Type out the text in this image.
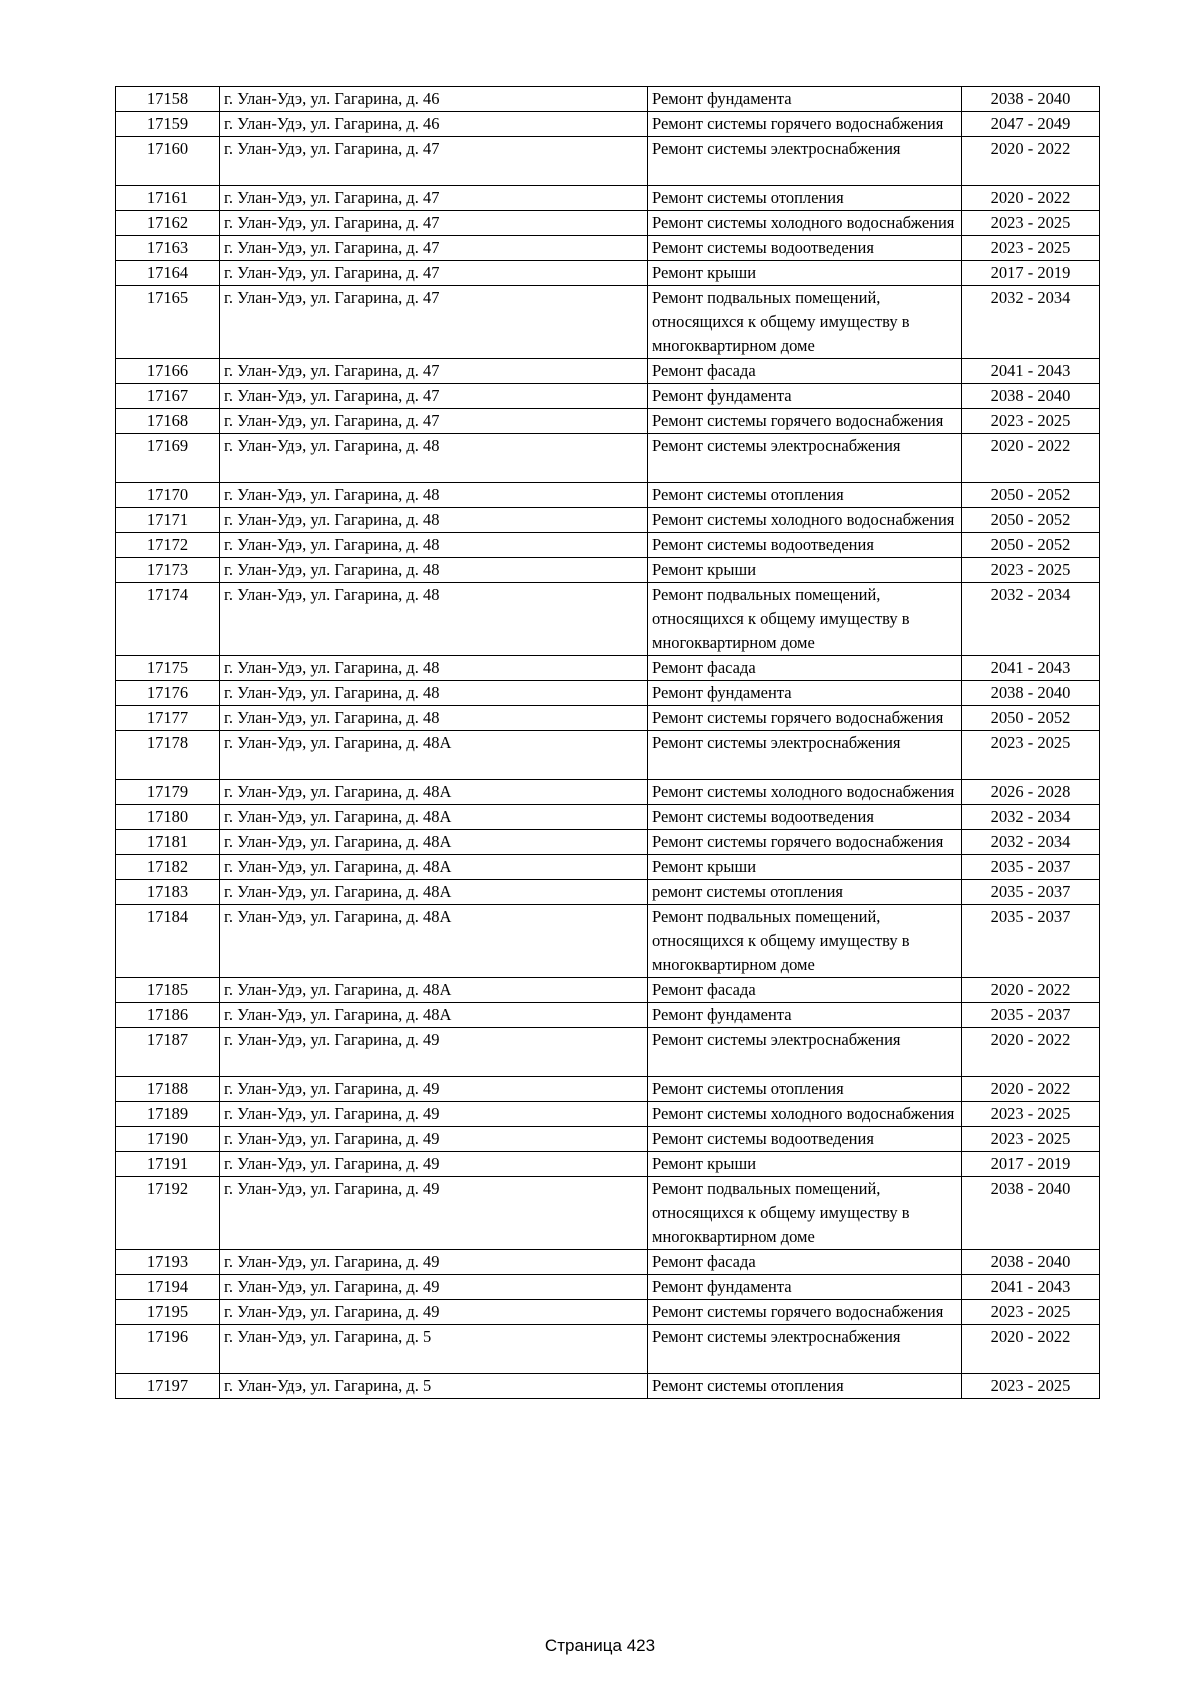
17158	г. Улан-Удэ, ул. Гагарина, д. 46	Ремонт фундамента	2038 - 2040
17159	г. Улан-Удэ, ул. Гагарина, д. 46	Ремонт системы горячего водоснабжения	2047 - 2049
17160	г. Улан-Удэ, ул. Гагарина, д. 47	Ремонт системы электроснабжения	2020 - 2022
17161	г. Улан-Удэ, ул. Гагарина, д. 47	Ремонт системы отопления	2020 - 2022
17162	г. Улан-Удэ, ул. Гагарина, д. 47	Ремонт системы холодного водоснабжения	2023 - 2025
17163	г. Улан-Удэ, ул. Гагарина, д. 47	Ремонт системы водоотведения	2023 - 2025
17164	г. Улан-Удэ, ул. Гагарина, д. 47	Ремонт крыши	2017 - 2019
17165	г. Улан-Удэ, ул. Гагарина, д. 47	Ремонт подвальных помещений, относящихся к общему имуществу в многоквартирном доме	2032 - 2034
17166	г. Улан-Удэ, ул. Гагарина, д. 47	Ремонт фасада	2041 - 2043
17167	г. Улан-Удэ, ул. Гагарина, д. 47	Ремонт фундамента	2038 - 2040
17168	г. Улан-Удэ, ул. Гагарина, д. 47	Ремонт системы горячего водоснабжения	2023 - 2025
17169	г. Улан-Удэ, ул. Гагарина, д. 48	Ремонт системы электроснабжения	2020 - 2022
17170	г. Улан-Удэ, ул. Гагарина, д. 48	Ремонт системы отопления	2050 - 2052
17171	г. Улан-Удэ, ул. Гагарина, д. 48	Ремонт системы холодного водоснабжения	2050 - 2052
17172	г. Улан-Удэ, ул. Гагарина, д. 48	Ремонт системы водоотведения	2050 - 2052
17173	г. Улан-Удэ, ул. Гагарина, д. 48	Ремонт крыши	2023 - 2025
17174	г. Улан-Удэ, ул. Гагарина, д. 48	Ремонт подвальных помещений, относящихся к общему имуществу в многоквартирном доме	2032 - 2034
17175	г. Улан-Удэ, ул. Гагарина, д. 48	Ремонт фасада	2041 - 2043
17176	г. Улан-Удэ, ул. Гагарина, д. 48	Ремонт фундамента	2038 - 2040
17177	г. Улан-Удэ, ул. Гагарина, д. 48	Ремонт системы горячего водоснабжения	2050 - 2052
17178	г. Улан-Удэ, ул. Гагарина, д. 48А	Ремонт системы электроснабжения	2023 - 2025
17179	г. Улан-Удэ, ул. Гагарина, д. 48А	Ремонт системы холодного водоснабжения	2026 - 2028
17180	г. Улан-Удэ, ул. Гагарина, д. 48А	Ремонт системы водоотведения	2032 - 2034
17181	г. Улан-Удэ, ул. Гагарина, д. 48А	Ремонт системы горячего водоснабжения	2032 - 2034
17182	г. Улан-Удэ, ул. Гагарина, д. 48А	Ремонт крыши	2035 - 2037
17183	г. Улан-Удэ, ул. Гагарина, д. 48А	ремонт системы отопления	2035 - 2037
17184	г. Улан-Удэ, ул. Гагарина, д. 48А	Ремонт подвальных помещений, относящихся к общему имуществу в многоквартирном доме	2035 - 2037
17185	г. Улан-Удэ, ул. Гагарина, д. 48А	Ремонт фасада	2020 - 2022
17186	г. Улан-Удэ, ул. Гагарина, д. 48А	Ремонт фундамента	2035 - 2037
17187	г. Улан-Удэ, ул. Гагарина, д. 49	Ремонт системы электроснабжения	2020 - 2022
17188	г. Улан-Удэ, ул. Гагарина, д. 49	Ремонт системы отопления	2020 - 2022
17189	г. Улан-Удэ, ул. Гагарина, д. 49	Ремонт системы холодного водоснабжения	2023 - 2025
17190	г. Улан-Удэ, ул. Гагарина, д. 49	Ремонт системы водоотведения	2023 - 2025
17191	г. Улан-Удэ, ул. Гагарина, д. 49	Ремонт крыши	2017 - 2019
17192	г. Улан-Удэ, ул. Гагарина, д. 49	Ремонт подвальных помещений, относящихся к общему имуществу в многоквартирном доме	2038 - 2040
17193	г. Улан-Удэ, ул. Гагарина, д. 49	Ремонт фасада	2038 - 2040
17194	г. Улан-Удэ, ул. Гагарина, д. 49	Ремонт фундамента	2041 - 2043
17195	г. Улан-Удэ, ул. Гагарина, д. 49	Ремонт системы горячего водоснабжения	2023 - 2025
17196	г. Улан-Удэ, ул. Гагарина, д. 5	Ремонт системы электроснабжения	2020 - 2022
17197	г. Улан-Удэ, ул. Гагарина, д. 5	Ремонт системы отопления	2023 - 2025
Страница 423
